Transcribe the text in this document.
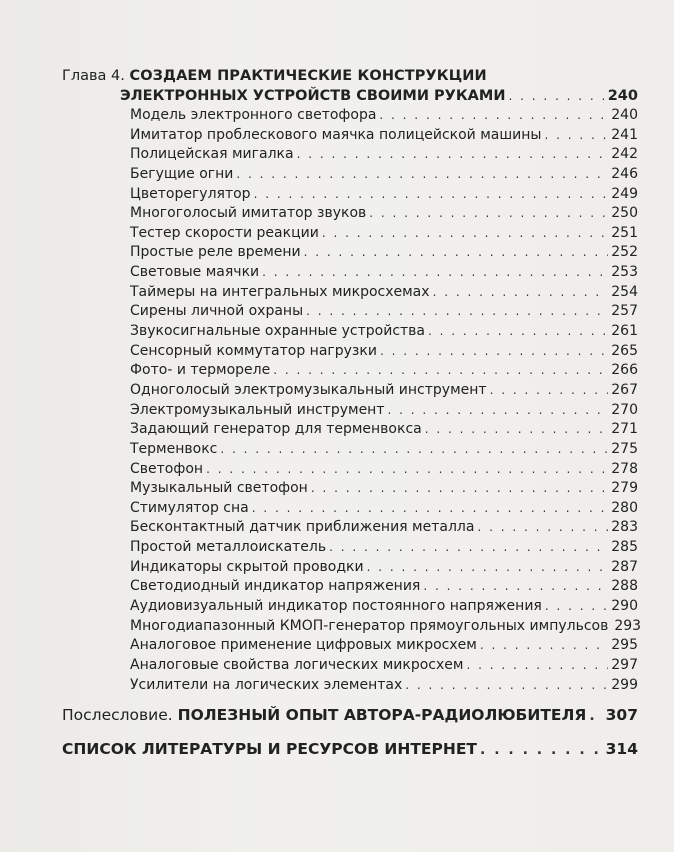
Глава 4. СОЗДАЕМ ПРАКТИЧЕСКИЕ КОНСТРУКЦИИ
ЭЛЕКТРОННЫХ УСТРОЙСТВ СВОИМИ РУКАМИ . . .	240
Модель электронного светофора . . .	240
Имитатор проблескового маячка полицейской машины . . .	241
Полицейская мигалка . . .	242
Бегущие огни . . .	246
Цветорегулятор . . .	249
Многоголосый имитатор звуков . . .	250
Тестер скорости реакции . . .	251
Простые реле времени . . .	252
Световые маячки . . .	253
Таймеры на интегральных микросхемах . . .	254
Сирены личной охраны . . .	257
Звукосигнальные охранные устройства . . .	261
Сенсорный коммутатор нагрузки . . .	265
Фото- и термореле . . .	266
Одноголосый электромузыкальный инструмент . . .	267
Электромузыкальный инструмент . . .	270
Задающий генератор для терменвокса . . .	271
Терменвокс . . .	275
Светофон . . .	278
Музыкальный светофон . . .	279
Стимулятор сна . . .	280
Бесконтактный датчик приближения металла . . .	283
Простой металлоискатель . . .	285
Индикаторы скрытой проводки . . .	287
Светодиодный индикатор напряжения . . .	288
Аудиовизуальный индикатор постоянного напряжения . . .	290
Многодиапазонный КМОП-генератор прямоугольных импульсов 293
Аналоговое применение цифровых микросхем . . .	295
Аналоговые свойства логических микросхем . . .	297
Усилители на логических элементах . . .	299
Послесловие. ПОЛЕЗНЫЙ ОПЫТ АВТОРА-РАДИОЛЮБИТЕЛЯ . . . 307
СПИСОК ЛИТЕРАТУРЫ И РЕСУРСОВ ИНТЕРНЕТ . . .	314
